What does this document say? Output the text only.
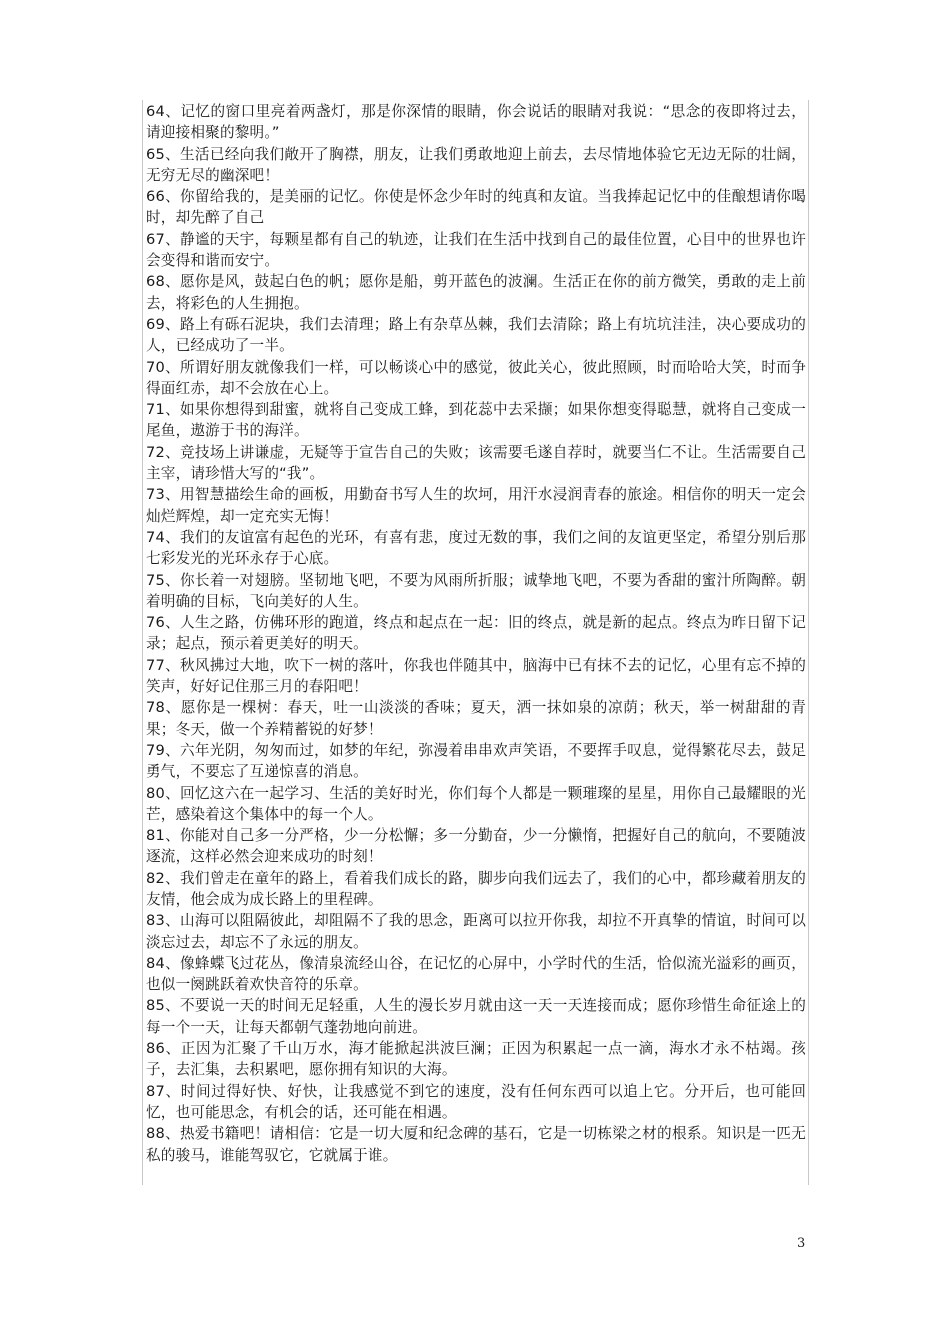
64、记忆的窗口里亮着两盏灯，那是你深情的眼睛，你会说话的眼睛对我说：“思念的夜即将过去，请迎接相聚的黎明。”
65、生活已经向我们敞开了胸襟，朋友，让我们勇敢地迎上前去，去尽情地体验它无边无际的壮阔，无穷无尽的幽深吧！
66、你留给我的，是美丽的记忆。你使是怀念少年时的纯真和友谊。当我捧起记忆中的佳酿想请你喝时，却先醉了自己
67、静谧的天宇，每颗星都有自己的轨迹，让我们在生活中找到自己的最佳位置，心目中的世界也许会变得和谐而安宁。
68、愿你是风，鼓起白色的帆；愿你是船，剪开蓝色的波澜。生活正在你的前方微笑，勇敢的走上前去，将彩色的人生拥抱。
69、路上有砾石泥块，我们去清理；路上有杂草丛棘，我们去清除；路上有坑坑洼洼，决心要成功的人，已经成功了一半。
70、所谓好朋友就像我们一样，可以畅谈心中的感觉，彼此关心，彼此照顾，时而哈哈大笑，时而争得面红赤，却不会放在心上。
71、如果你想得到甜蜜，就将自己变成工蜂，到花蕊中去采撷；如果你想变得聪慧，就将自己变成一尾鱼，遨游于书的海洋。
72、竞技场上讲谦虚，无疑等于宣告自己的失败；该需要毛遂自荐时，就要当仁不让。生活需要自己主宰，请珍惜大写的“我”。
73、用智慧描绘生命的画板，用勤奋书写人生的坎坷，用汗水浸润青春的旅途。相信你的明天一定会灿烂辉煌，却一定充实无悔！
74、我们的友谊富有起色的光环，有喜有悲，度过无数的事，我们之间的友谊更坚定，希望分别后那七彩发光的光环永存于心底。
75、你长着一对翅膀。坚韧地飞吧，不要为风雨所折服；诚挚地飞吧，不要为香甜的蜜汁所陶醉。朝着明确的目标，飞向美好的人生。
76、人生之路，仿佛环形的跑道，终点和起点在一起：旧的终点，就是新的起点。终点为昨日留下记录；起点，预示着更美好的明天。
77、秋风拂过大地，吹下一树的落叶，你我也伴随其中，脑海中已有抹不去的记忆，心里有忘不掉的笑声，好好记住那三月的春阳吧！
78、愿你是一棵树：春天，吐一山淡淡的香味；夏天，洒一抹如泉的凉荫；秋天，举一树甜甜的青果；冬天，做一个养精蓄锐的好梦！
79、六年光阴，匆匆而过，如梦的年纪，弥漫着串串欢声笑语，不要挥手叹息，觉得繁花尽去，鼓足勇气，不要忘了互递惊喜的消息。
80、回忆这六在一起学习、生活的美好时光，你们每个人都是一颗璀璨的星星，用你自己最耀眼的光芒，感染着这个集体中的每一个人。
81、你能对自己多一分严格，少一分松懈；多一分勤奋，少一分懒惰，把握好自己的航向，不要随波逐流，这样必然会迎来成功的时刻！
82、我们曾走在童年的路上，看着我们成长的路，脚步向我们远去了，我们的心中，都珍藏着朋友的友情，他会成为成长路上的里程碑。
83、山海可以阻隔彼此，却阻隔不了我的思念，距离可以拉开你我，却拉不开真挚的情谊，时间可以淡忘过去，却忘不了永远的朋友。
84、像蜂蝶飞过花丛，像清泉流经山谷，在记忆的心屏中，小学时代的生活，恰似流光溢彩的画页，也似一阕跳跃着欢快音符的乐章。
85、不要说一天的时间无足轻重，人生的漫长岁月就由这一天一天连接而成；愿你珍惜生命征途上的每一个一天，让每天都朝气蓬勃地向前进。
86、正因为汇聚了千山万水，海才能掀起洪波巨澜；正因为积累起一点一滴，海水才永不枯竭。孩子，去汇集，去积累吧，愿你拥有知识的大海。
87、时间过得好快、好快，让我感觉不到它的速度，没有任何东西可以追上它。分开后，也可能回忆，也可能思念，有机会的话，还可能在相遇。
88、热爱书籍吧！请相信：它是一切大厦和纪念碑的基石，它是一切栋梁之材的根系。知识是一匹无私的骏马，谁能驾驭它，它就属于谁。
3
